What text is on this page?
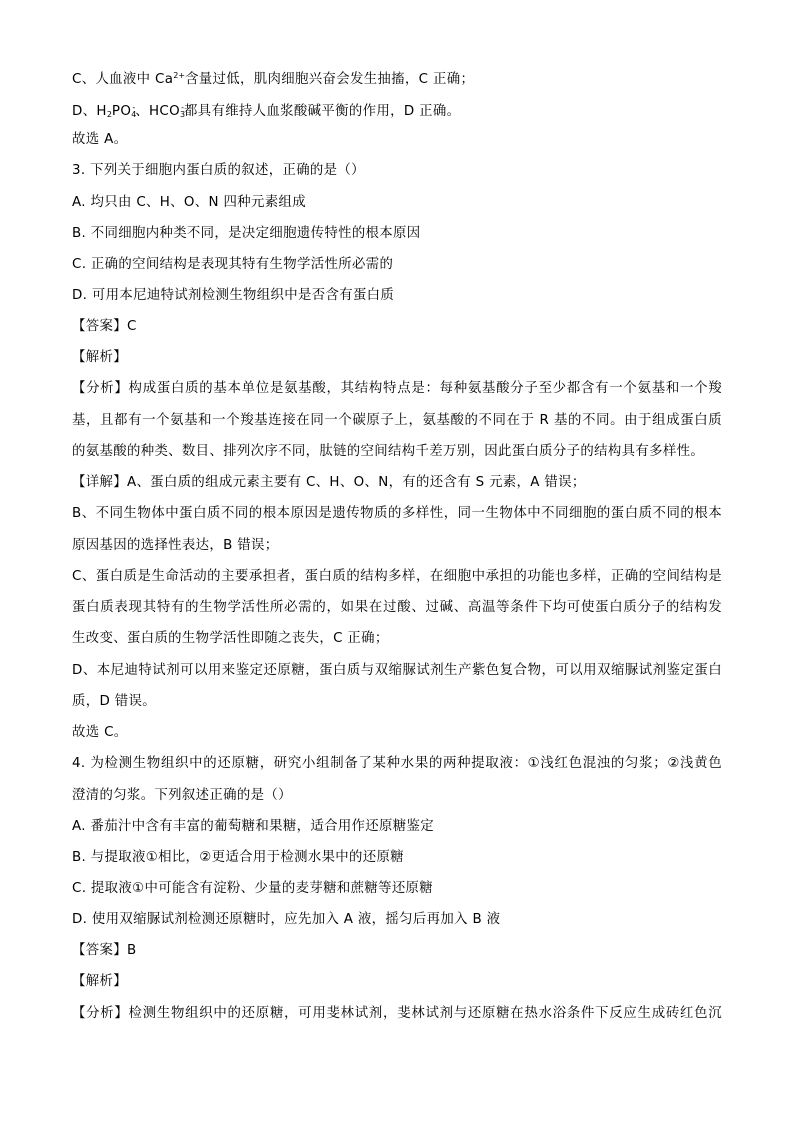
C、人血液中 $Ca^{2+}$含量过低，肌肉细胞兴奋会发生抽搐，C 正确；
D、$H_2PO_4^-$、$HCO_3^-$都具有维持人血浆酸碱平衡的作用，D 正确。
故选 A。
3. 下列关于细胞内蛋白质的叙述，正确的是（）
A. 均只由 C、H、O、N 四种元素组成
B. 不同细胞内种类不同，是决定细胞遗传特性的根本原因
C. 正确的空间结构是表现其特有生物学活性所必需的
D. 可用本尼迪特试剂检测生物组织中是否含有蛋白质
【答案】C
【解析】
【分析】构成蛋白质的基本单位是氨基酸，其结构特点是：每种氨基酸分子至少都含有一个氨基和一个羧
基，且都有一个氨基和一个羧基连接在同一个碳原子上，氨基酸的不同在于 R 基的不同。由于组成蛋白质
的氨基酸的种类、数目、排列次序不同，肽链的空间结构千差万别，因此蛋白质分子的结构具有多样性。
【详解】A、蛋白质的组成元素主要有 C、H、O、N，有的还含有 S 元素，A 错误；
B、不同生物体中蛋白质不同的根本原因是遗传物质的多样性，同一生物体中不同细胞的蛋白质不同的根本
原因基因的选择性表达，B 错误；
C、蛋白质是生命活动的主要承担者，蛋白质的结构多样，在细胞中承担的功能也多样，正确的空间结构是
蛋白质表现其特有的生物学活性所必需的，如果在过酸、过碱、高温等条件下均可使蛋白质分子的结构发
生改变、蛋白质的生物学活性即随之丧失，C 正确；
D、本尼迪特试剂可以用来鉴定还原糖，蛋白质与双缩脲试剂生产紫色复合物，可以用双缩脲试剂鉴定蛋白
质，D 错误。
故选 C。
4. 为检测生物组织中的还原糖，研究小组制备了某种水果的两种提取液：①浅红色混浊的匀浆；②浅黄色
澄清的匀浆。下列叙述正确的是（）
A. 番茄汁中含有丰富的葡萄糖和果糖，适合用作还原糖鉴定
B. 与提取液①相比，②更适合用于检测水果中的还原糖
C. 提取液①中可能含有淀粉、少量的麦芽糖和蔗糖等还原糖
D. 使用双缩脲试剂检测还原糖时，应先加入 A 液，摇匀后再加入 B 液
【答案】B
【解析】
【分析】检测生物组织中的还原糖，可用斐林试剂，斐林试剂与还原糖在热水浴条件下反应生成砖红色沉
